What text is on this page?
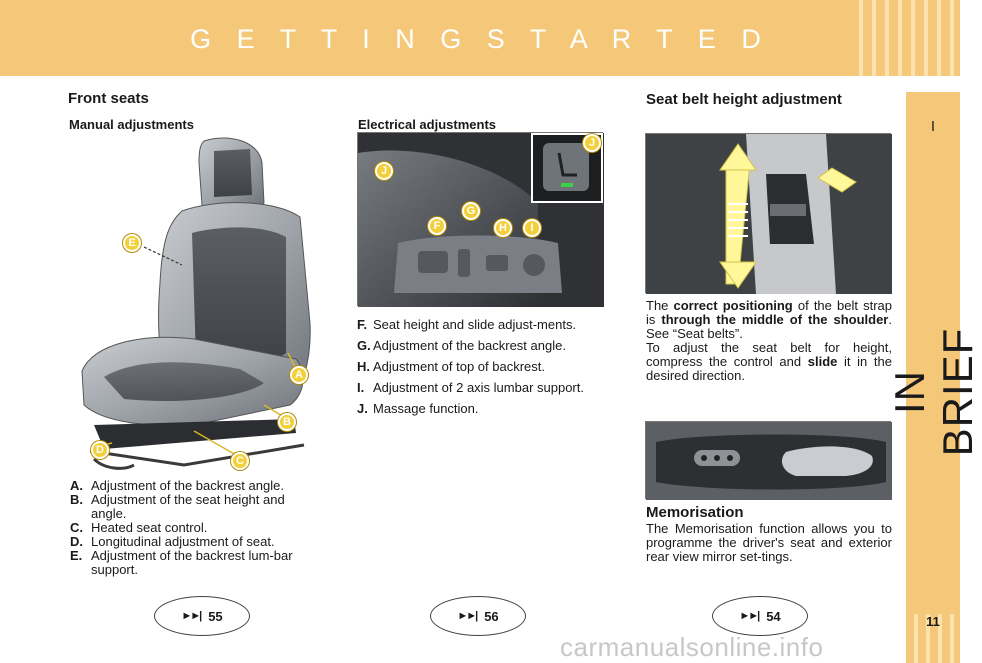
G E T T I N G S T A R T E D
I
IN BRIEF
11
Front seats
Manual adjustments	Electrical adjustments
Seat belt height adjustment
Memorisation
E
A
B
D
C
J
J
F
G
H	I
F. Seat height and slide adjust-ments.
G. Adjustment of the backrest angle.
H. Adjustment of top of backrest.
I. Adjustment of 2 axis lumbar support.
J. Massage function.
A. Adjustment of the backrest angle.
B. Adjustment of the seat height and angle.
C. Heated seat control.
D. Longitudinal adjustment of seat.
E. Adjustment of the backrest lum-bar support.
The correct positioning of the belt strap is through the middle of the shoulder. See “Seat belts”.
To adjust the seat belt for height, compress the control and slide it in the desired direction.
The Memorisation function allows you to programme the driver's seat and exterior rear view mirror set-tings.
►►| 55	►►| 56	►►| 54
carmanualsonline.info
